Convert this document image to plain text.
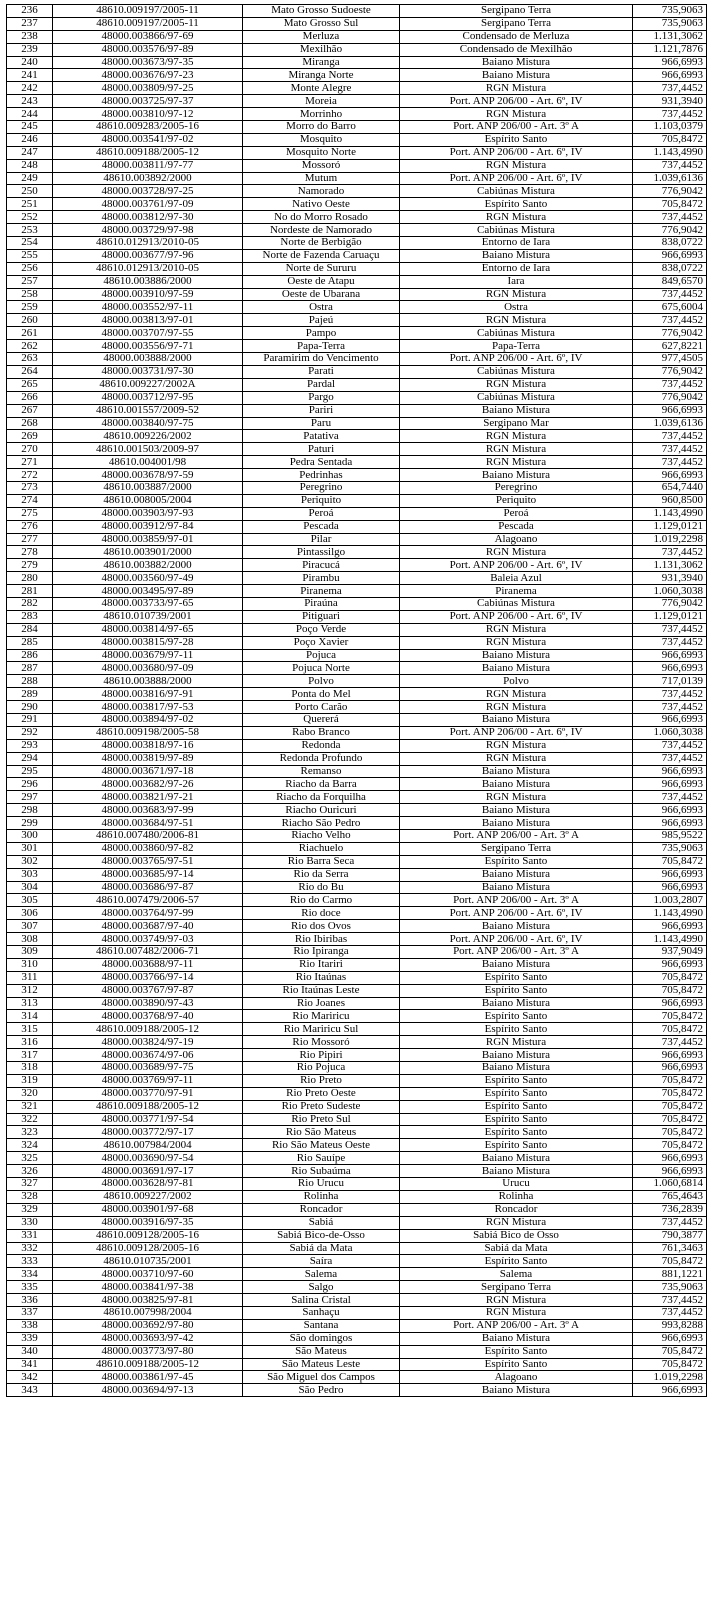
236	48610.009197/2005-11	Mato Grosso Sudoeste	Sergipano Terra	735,9063
237	48610.009197/2005-11	Mato Grosso Sul	Sergipano Terra	735,9063
238	48000.003866/97-69	Merluza	Condensado de Merluza	1.131,3062
239	48000.003576/97-89	Mexilhão	Condensado de Mexilhão	1.121,7876
240	48000.003673/97-35	Miranga	Baiano Mistura	966,6993
241	48000.003676/97-23	Miranga Norte	Baiano Mistura	966,6993
242	48000.003809/97-25	Monte Alegre	RGN Mistura	737,4452
243	48000.003725/97-37	Moreia	Port. ANP 206/00 - Art. 6º, IV	931,3940
244	48000.003810/97-12	Morrinho	RGN Mistura	737,4452
245	48610.009283/2005-16	Morro do Barro	Port. ANP 206/00 - Art. 3º A	1.103,0379
246	48000.003541/97-02	Mosquito	Espírito Santo	705,8472
247	48610.009188/2005-12	Mosquito Norte	Port. ANP 206/00 - Art. 6º, IV	1.143,4990
248	48000.003811/97-77	Mossoró	RGN Mistura	737,4452
249	48610.003892/2000	Mutum	Port. ANP 206/00 - Art. 6º, IV	1.039,6136
250	48000.003728/97-25	Namorado	Cabiúnas Mistura	776,9042
251	48000.003761/97-09	Nativo Oeste	Espírito Santo	705,8472
252	48000.003812/97-30	No do Morro Rosado	RGN Mistura	737,4452
253	48000.003729/97-98	Nordeste de Namorado	Cabiúnas Mistura	776,9042
254	48610.012913/2010-05	Norte de Berbigão	Entorno de Iara	838,0722
255	48000.003677/97-96	Norte de Fazenda Caruaçu	Baiano Mistura	966,6993
256	48610.012913/2010-05	Norte de Sururu	Entorno de Iara	838,0722
257	48610.003886/2000	Oeste de Atapu	Iara	849,6570
258	48000.003910/97-59	Oeste de Ubarana	RGN Mistura	737,4452
259	48000.003552/97-11	Ostra	Ostra	675,6004
260	48000.003813/97-01	Pajeú	RGN Mistura	737,4452
261	48000.003707/97-55	Pampo	Cabiúnas Mistura	776,9042
262	48000.003556/97-71	Papa-Terra	Papa-Terra	627,8221
263	48000.003888/2000	Paramirim do Vencimento	Port. ANP 206/00 - Art. 6º, IV	977,4505
264	48000.003731/97-30	Parati	Cabiúnas Mistura	776,9042
265	48610.009227/2002A	Pardal	RGN Mistura	737,4452
266	48000.003712/97-95	Pargo	Cabiúnas Mistura	776,9042
267	48610.001557/2009-52	Pariri	Baiano Mistura	966,6993
268	48000.003840/97-75	Paru	Sergipano Mar	1.039,6136
269	48610.009226/2002	Patativa	RGN Mistura	737,4452
270	48610.001503/2009-97	Paturi	RGN Mistura	737,4452
271	48610.004001/98	Pedra Sentada	RGN Mistura	737,4452
272	48000.003678/97-59	Pedrinhas	Baiano Mistura	966,6993
273	48610.003887/2000	Peregrino	Peregrino	654,7440
274	48610.008005/2004	Periquito	Periquito	960,8500
275	48000.003903/97-93	Peroá	Peroá	1.143,4990
276	48000.003912/97-84	Pescada	Pescada	1.129,0121
277	48000.003859/97-01	Pilar	Alagoano	1.019,2298
278	48610.003901/2000	Pintassilgo	RGN Mistura	737,4452
279	48610.003882/2000	Piracucá	Port. ANP 206/00 - Art. 6º, IV	1.131,3062
280	48000.003560/97-49	Pirambu	Baleia Azul	931,3940
281	48000.003495/97-89	Piranema	Piranema	1.060,3038
282	48000.003733/97-65	Piraúna	Cabiúnas Mistura	776,9042
283	48610.010739/2001	Pitiguari	Port. ANP 206/00 - Art. 6º, IV	1.129,0121
284	48000.003814/97-65	Poço Verde	RGN Mistura	737,4452
285	48000.003815/97-28	Poço Xavier	RGN Mistura	737,4452
286	48000.003679/97-11	Pojuca	Baiano Mistura	966,6993
287	48000.003680/97-09	Pojuca Norte	Baiano Mistura	966,6993
288	48610.003888/2000	Polvo	Polvo	717,0139
289	48000.003816/97-91	Ponta do Mel	RGN Mistura	737,4452
290	48000.003817/97-53	Porto Carão	RGN Mistura	737,4452
291	48000.003894/97-02	Quererá	Baiano Mistura	966,6993
292	48610.009198/2005-58	Rabo Branco	Port. ANP 206/00 - Art. 6º, IV	1.060,3038
293	48000.003818/97-16	Redonda	RGN Mistura	737,4452
294	48000.003819/97-89	Redonda Profundo	RGN Mistura	737,4452
295	48000.003671/97-18	Remanso	Baiano Mistura	966,6993
296	48000.003682/97-26	Riacho da Barra	Baiano Mistura	966,6993
297	48000.003821/97-21	Riacho da Forquilha	RGN Mistura	737,4452
298	48000.003683/97-99	Riacho Ouricuri	Baiano Mistura	966,6993
299	48000.003684/97-51	Riacho São Pedro	Baiano Mistura	966,6993
300	48610.007480/2006-81	Riacho Velho	Port. ANP 206/00 - Art. 3º A	985,9522
301	48000.003860/97-82	Riachuelo	Sergipano Terra	735,9063
302	48000.003765/97-51	Rio Barra Seca	Espírito Santo	705,8472
303	48000.003685/97-14	Rio da Serra	Baiano Mistura	966,6993
304	48000.003686/97-87	Rio do Bu	Baiano Mistura	966,6993
305	48610.007479/2006-57	Rio do Carmo	Port. ANP 206/00 - Art. 3º A	1.003,2807
306	48000.003764/97-99	Rio doce	Port. ANP 206/00 - Art. 6º, IV	1.143,4990
307	48000.003687/97-40	Rio dos Ovos	Baiano Mistura	966,6993
308	48000.003749/97-03	Rio Ibiribas	Port. ANP 206/00 - Art. 6º, IV	1.143,4990
309	48610.007482/2006-71	Rio Ipiranga	Port. ANP 206/00 - Art. 3º A	937,9049
310	48000.003688/97-11	Rio Itariri	Baiano Mistura	966,6993
311	48000.003766/97-14	Rio Itaúnas	Espírito Santo	705,8472
312	48000.003767/97-87	Rio Itaúnas Leste	Espírito Santo	705,8472
313	48000.003890/97-43	Rio Joanes	Baiano Mistura	966,6993
314	48000.003768/97-40	Rio Mariricu	Espírito Santo	705,8472
315	48610.009188/2005-12	Rio Mariricu Sul	Espírito Santo	705,8472
316	48000.003824/97-19	Rio Mossoró	RGN Mistura	737,4452
317	48000.003674/97-06	Rio Pipiri	Baiano Mistura	966,6993
318	48000.003689/97-75	Rio Pojuca	Baiano Mistura	966,6993
319	48000.003769/97-11	Rio Preto	Espírito Santo	705,8472
320	48000.003770/97-91	Rio Preto Oeste	Espírito Santo	705,8472
321	48610.009188/2005-12	Rio Preto Sudeste	Espírito Santo	705,8472
322	48000.003771/97-54	Rio Preto Sul	Espírito Santo	705,8472
323	48000.003772/97-17	Rio São Mateus	Espírito Santo	705,8472
324	48610.007984/2004	Rio São Mateus Oeste	Espírito Santo	705,8472
325	48000.003690/97-54	Rio Sauípe	Baiano Mistura	966,6993
326	48000.003691/97-17	Rio Subaúma	Baiano Mistura	966,6993
327	48000.003628/97-81	Rio Urucu	Urucu	1.060,6814
328	48610.009227/2002	Rolinha	Rolinha	765,4643
329	48000.003901/97-68	Roncador	Roncador	736,2839
330	48000.003916/97-35	Sabiá	RGN Mistura	737,4452
331	48610.009128/2005-16	Sabiá Bico-de-Osso	Sabiá Bico de Osso	790,3877
332	48610.009128/2005-16	Sabiá da Mata	Sabiá da Mata	761,3463
333	48610.010735/2001	Saíra	Espírito Santo	705,8472
334	48000.003710/97-60	Salema	Salema	881,1221
335	48000.003841/97-38	Salgo	Sergipano Terra	735,9063
336	48000.003825/97-81	Salina Cristal	RGN Mistura	737,4452
337	48610.007998/2004	Sanhaçu	RGN Mistura	737,4452
338	48000.003692/97-80	Santana	Port. ANP 206/00 - Art. 3º A	993,8288
339	48000.003693/97-42	São domingos	Baiano Mistura	966,6993
340	48000.003773/97-80	São Mateus	Espírito Santo	705,8472
341	48610.009188/2005-12	São Mateus Leste	Espírito Santo	705,8472
342	48000.003861/97-45	São Miguel dos Campos	Alagoano	1.019,2298
343	48000.003694/97-13	São Pedro	Baiano Mistura	966,6993
